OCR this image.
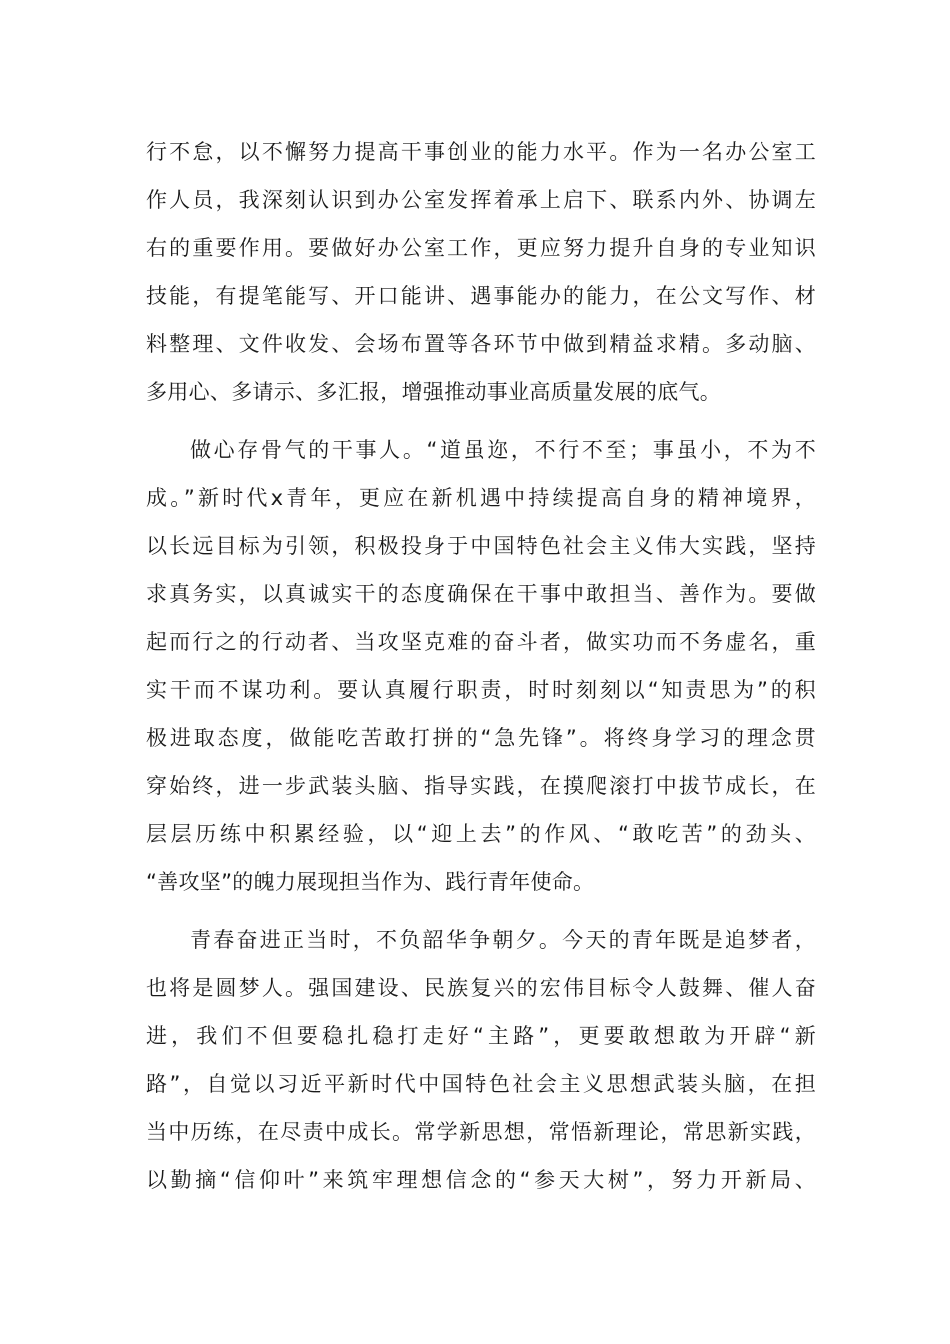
行不怠，以不懈努力提高干事创业的能力水平。作为一名办公室工
作人员，我深刻认识到办公室发挥着承上启下、联系内外、协调左
右的重要作用。要做好办公室工作，更应努力提升自身的专业知识
技能，有提笔能写、开口能讲、遇事能办的能力，在公文写作、材
料整理、文件收发、会场布置等各环节中做到精益求精。多动脑、
多用心、多请示、多汇报，增强推动事业高质量发展的底气。
做心存骨气的干事人。“道虽迩，不行不至；事虽小，不为不
成。”新时代x青年，更应在新机遇中持续提高自身的精神境界，
以长远目标为引领，积极投身于中国特色社会主义伟大实践，坚持
求真务实，以真诚实干的态度确保在干事中敢担当、善作为。要做
起而行之的行动者、当攻坚克难的奋斗者，做实功而不务虚名，重
实干而不谋功利。要认真履行职责，时时刻刻以“知责思为”的积
极进取态度，做能吃苦敢打拼的“急先锋”。将终身学习的理念贯
穿始终，进一步武装头脑、指导实践，在摸爬滚打中拔节成长，在
层层历练中积累经验，以“迎上去”的作风、“敢吃苦”的劲头、
“善攻坚”的魄力展现担当作为、践行青年使命。
青春奋进正当时，不负韶华争朝夕。今天的青年既是追梦者，
也将是圆梦人。强国建设、民族复兴的宏伟目标令人鼓舞、催人奋
进，我们不但要稳扎稳打走好“主路”，更要敢想敢为开辟“新
路”，自觉以习近平新时代中国特色社会主义思想武装头脑，在担
当中历练，在尽责中成长。常学新思想，常悟新理论，常思新实践，
以勤摘“信仰叶”来筑牢理想信念的“参天大树”，努力开新局、
